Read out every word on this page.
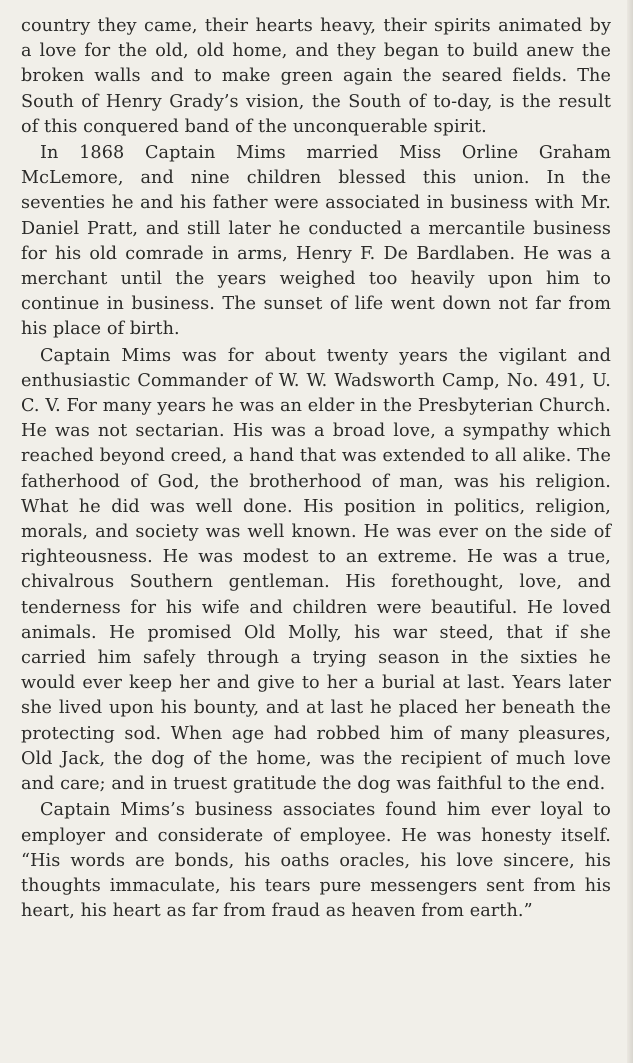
country they came, their hearts heavy, their spirits animated by a love for the old, old home, and they began to build anew the broken walls and to make green again the seared fields. The South of Henry Grady’s vision, the South of to-day, is the result of this conquered band of the unconquerable spirit.

In 1868 Captain Mims married Miss Orline Graham McLemore, and nine children blessed this union. In the seventies he and his father were associated in business with Mr. Daniel Pratt, and still later he conducted a mercantile business for his old comrade in arms, Henry F. De Bardlaben. He was a merchant until the years weighed too heavily upon him to continue in business. The sunset of life went down not far from his place of birth.

Captain Mims was for about twenty years the vigilant and enthusiastic Commander of W. W. Wadsworth Camp, No. 491, U. C. V. For many years he was an elder in the Presbyterian Church. He was not sectarian. His was a broad love, a sympathy which reached beyond creed, a hand that was extended to all alike. The fatherhood of God, the brotherhood of man, was his religion. What he did was well done. His position in politics, religion, morals, and society was well known. He was ever on the side of righteousness. He was modest to an extreme. He was a true, chivalrous Southern gentleman. His forethought, love, and tenderness for his wife and children were beautiful. He loved animals. He promised Old Molly, his war steed, that if she carried him safely through a trying season in the sixties he would ever keep her and give to her a burial at last. Years later she lived upon his bounty, and at last he placed her beneath the protecting sod. When age had robbed him of many pleasures, Old Jack, the dog of the home, was the recipient of much love and care; and in truest gratitude the dog was faithful to the end.

Captain Mims’s business associates found him ever loyal to employer and considerate of employee. He was honesty itself. “His words are bonds, his oaths oracles, his love sincere, his thoughts immaculate, his tears pure messengers sent from his heart, his heart as far from fraud as heaven from earth.”
